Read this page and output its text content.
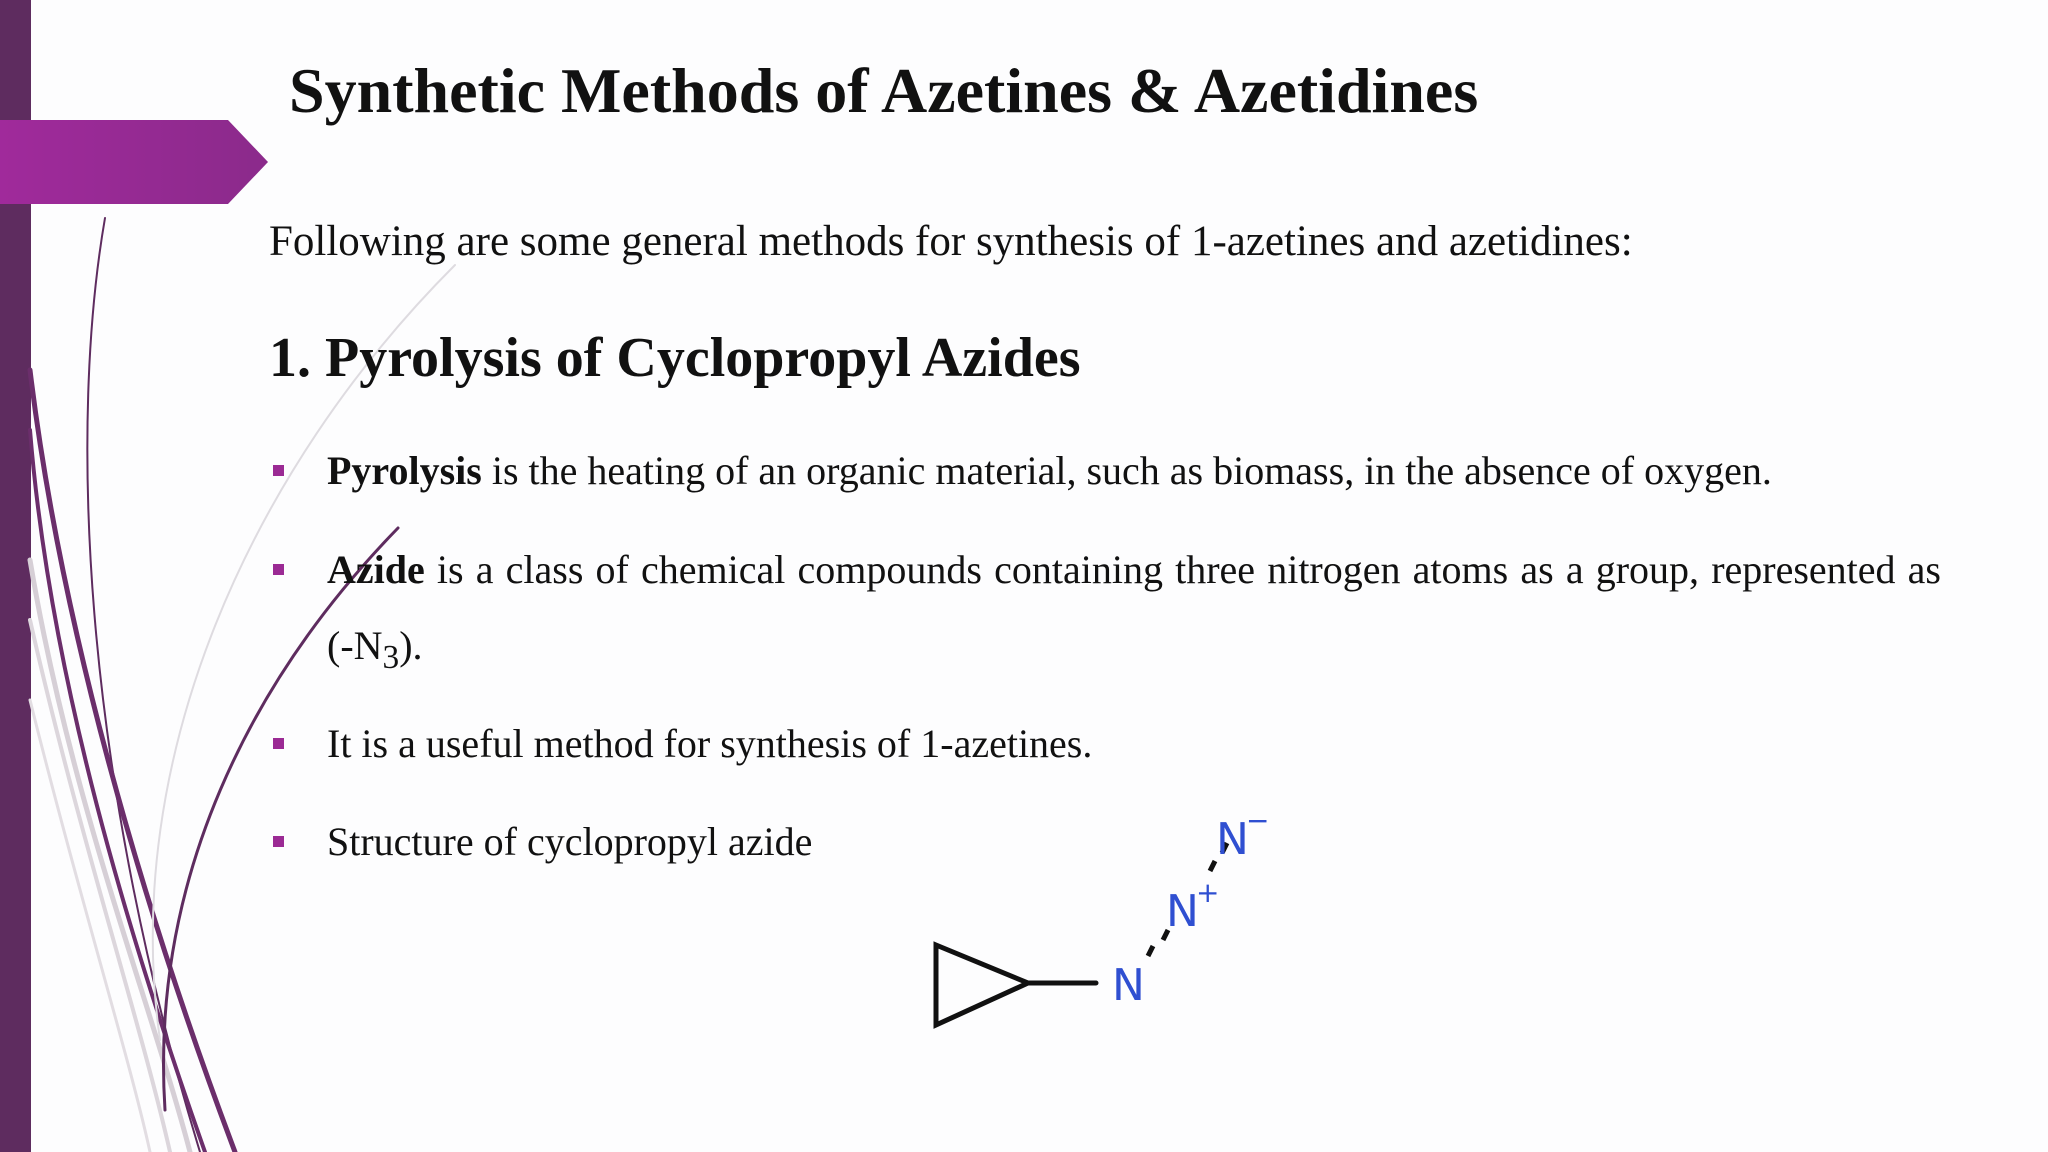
Synthetic Methods of Azetines & Azetidines

Following are some general methods for synthesis of 1-azetines and azetidines:

1. Pyrolysis of Cyclopropyl Azides
Pyrolysis is the heating of an organic material, such as biomass, in the absence of oxygen.
Azide is a class of chemical compounds containing three nitrogen atoms as a group, represented as $(-N_3)$.
It is a useful method for synthesis of 1-azetines.
Structure of cyclopropyl azide
N
N
+
N
−
